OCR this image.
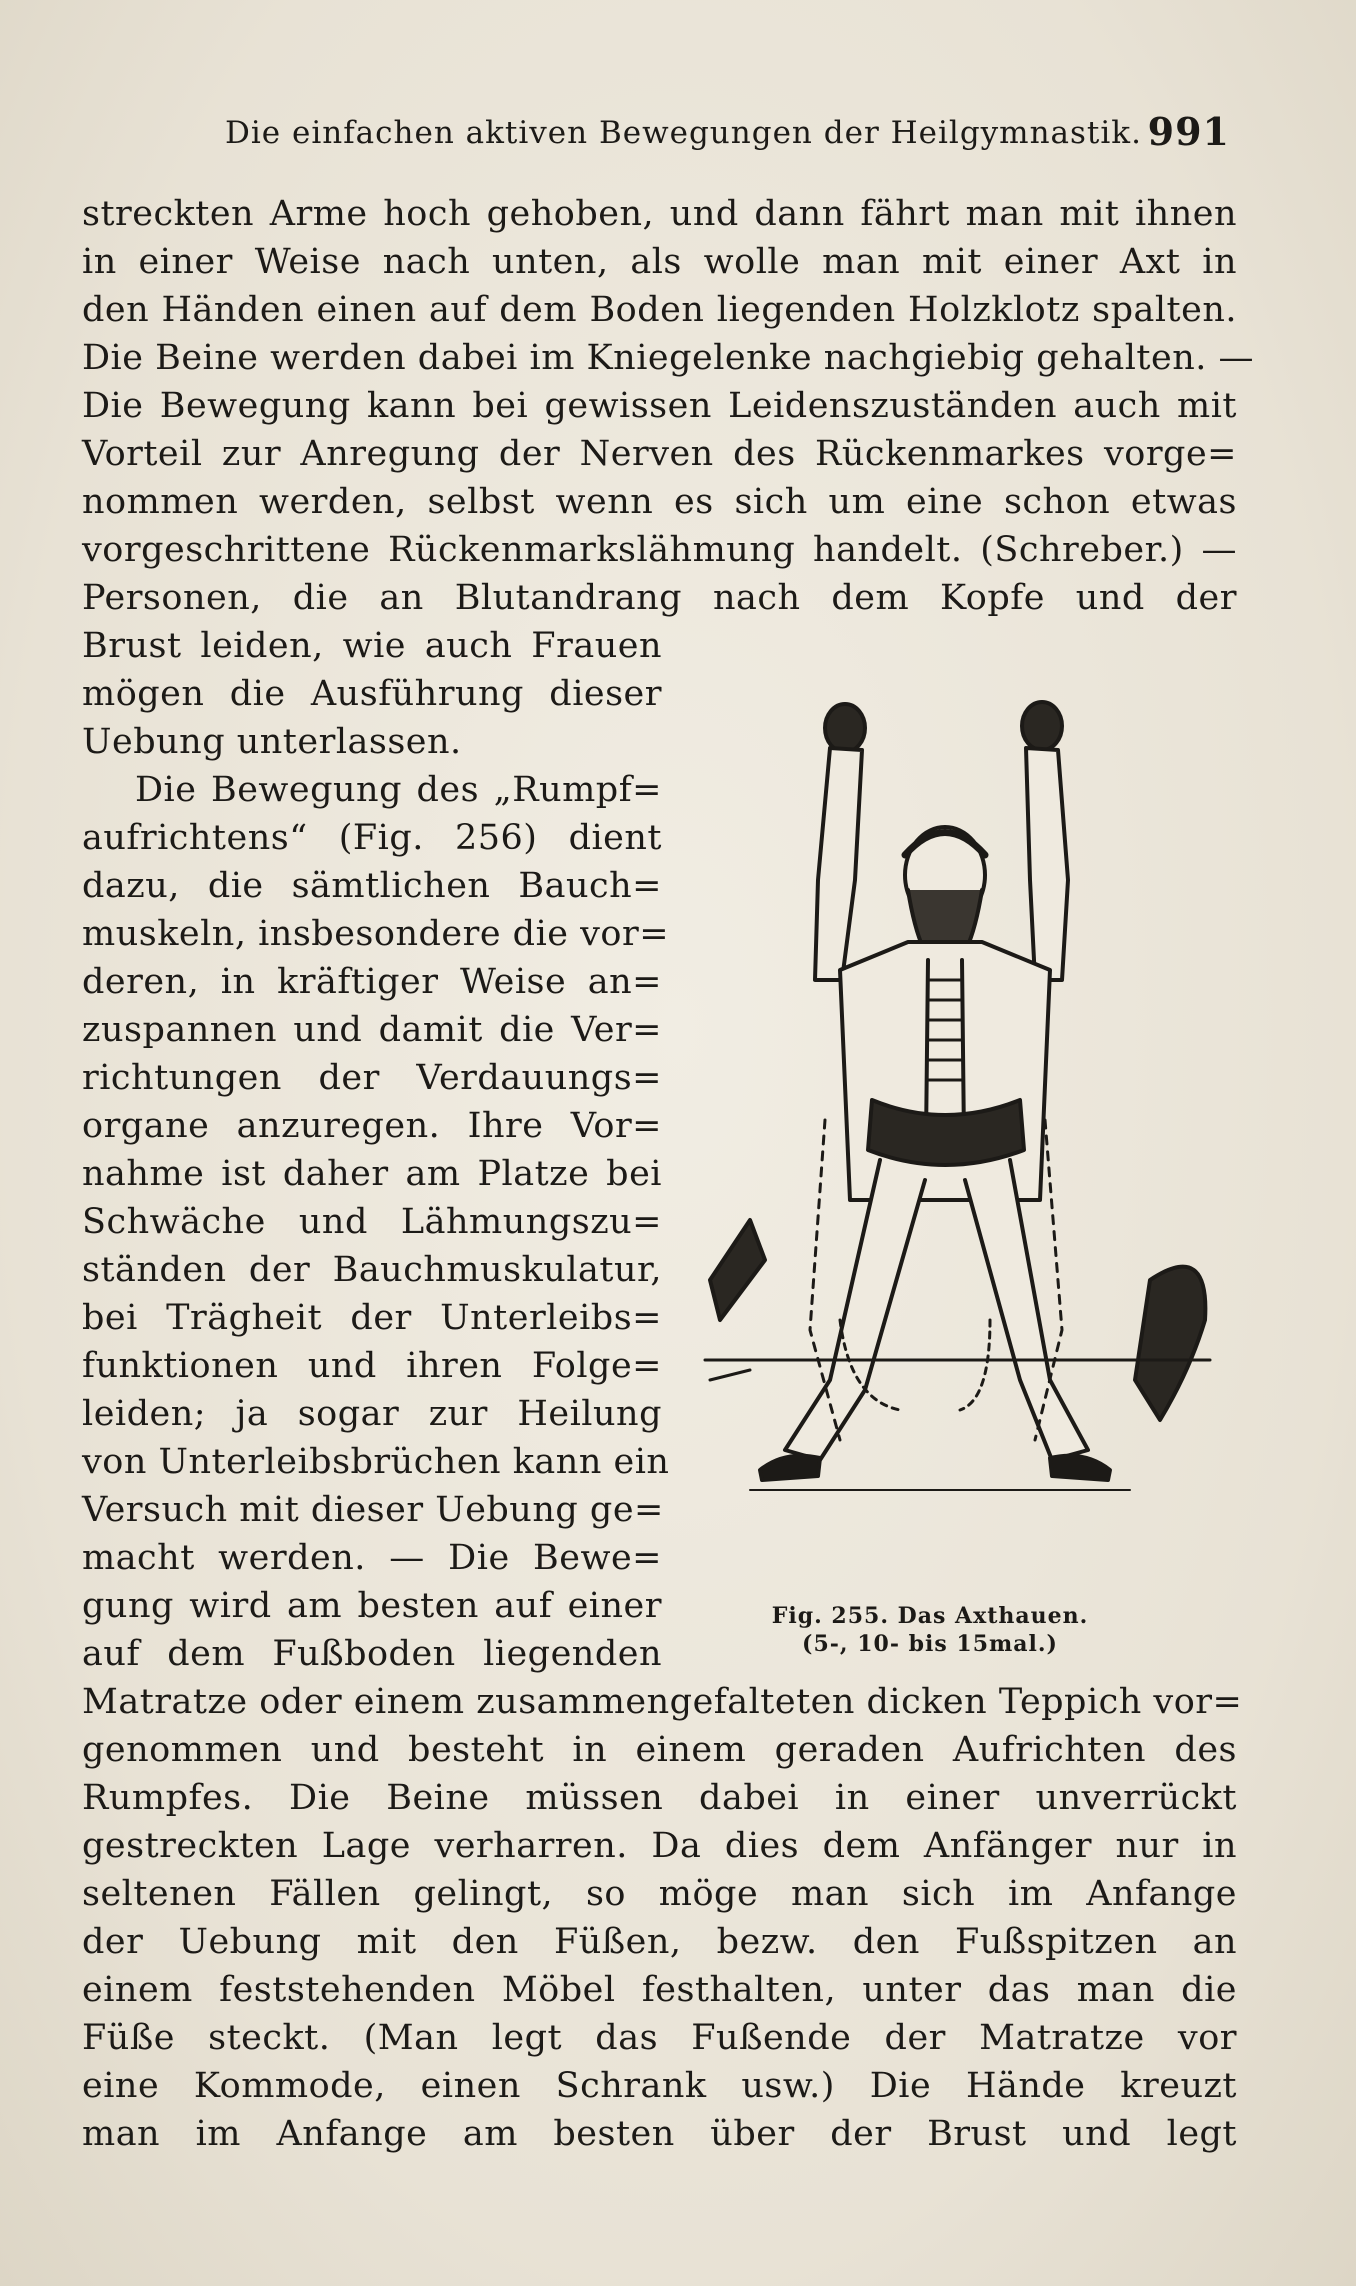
Die einfachen aktiven Bewegungen der Heilgymnastik. 991
streckten Arme hoch gehoben, und dann fährt man mit ihnen
in einer Weise nach unten, als wolle man mit einer Axt in
den Händen einen auf dem Boden liegenden Holzklotz spalten.
Die Beine werden dabei im Kniegelenke nachgiebig gehalten. —
Die Bewegung kann bei gewissen Leidenszuständen auch mit
Vorteil zur Anregung der Nerven des Rückenmarkes vorge=
nommen werden, selbst wenn es sich um eine schon etwas
vorgeschrittene Rückenmarkslähmung handelt. (Schreber.) —
Personen, die an Blutandrang nach dem Kopfe und der
Brust leiden, wie auch Frauen
mögen die Ausführung dieser
Uebung unterlassen.
Die Bewegung des „Rumpf=
aufrichtens“ (Fig. 256) dient
dazu, die sämtlichen Bauch=
muskeln, insbesondere die vor=
deren, in kräftiger Weise an=
zuspannen und damit die Ver=
richtungen der Verdauungs=
organe anzuregen. Ihre Vor=
nahme ist daher am Platze bei
Schwäche und Lähmungszu=
ständen der Bauchmuskulatur,
bei Trägheit der Unterleibs=
funktionen und ihren Folge=
leiden; ja sogar zur Heilung
von Unterleibsbrüchen kann ein
Versuch mit dieser Uebung ge=
macht werden. — Die Bewe=
gung wird am besten auf einer
auf dem Fußboden liegenden
Matratze oder einem zusammengefalteten dicken Teppich vor=
genommen und besteht in einem geraden Aufrichten des
Rumpfes. Die Beine müssen dabei in einer unverrückt
gestreckten Lage verharren. Da dies dem Anfänger nur in
seltenen Fällen gelingt, so möge man sich im Anfange
der Uebung mit den Füßen, bezw. den Fußspitzen an
einem feststehenden Möbel festhalten, unter das man die
Füße steckt. (Man legt das Fußende der Matratze vor
eine Kommode, einen Schrank usw.) Die Hände kreuzt
man im Anfange am besten über der Brust und legt
Fig. 255. Das Axthauen.
(5-, 10- bis 15mal.)
